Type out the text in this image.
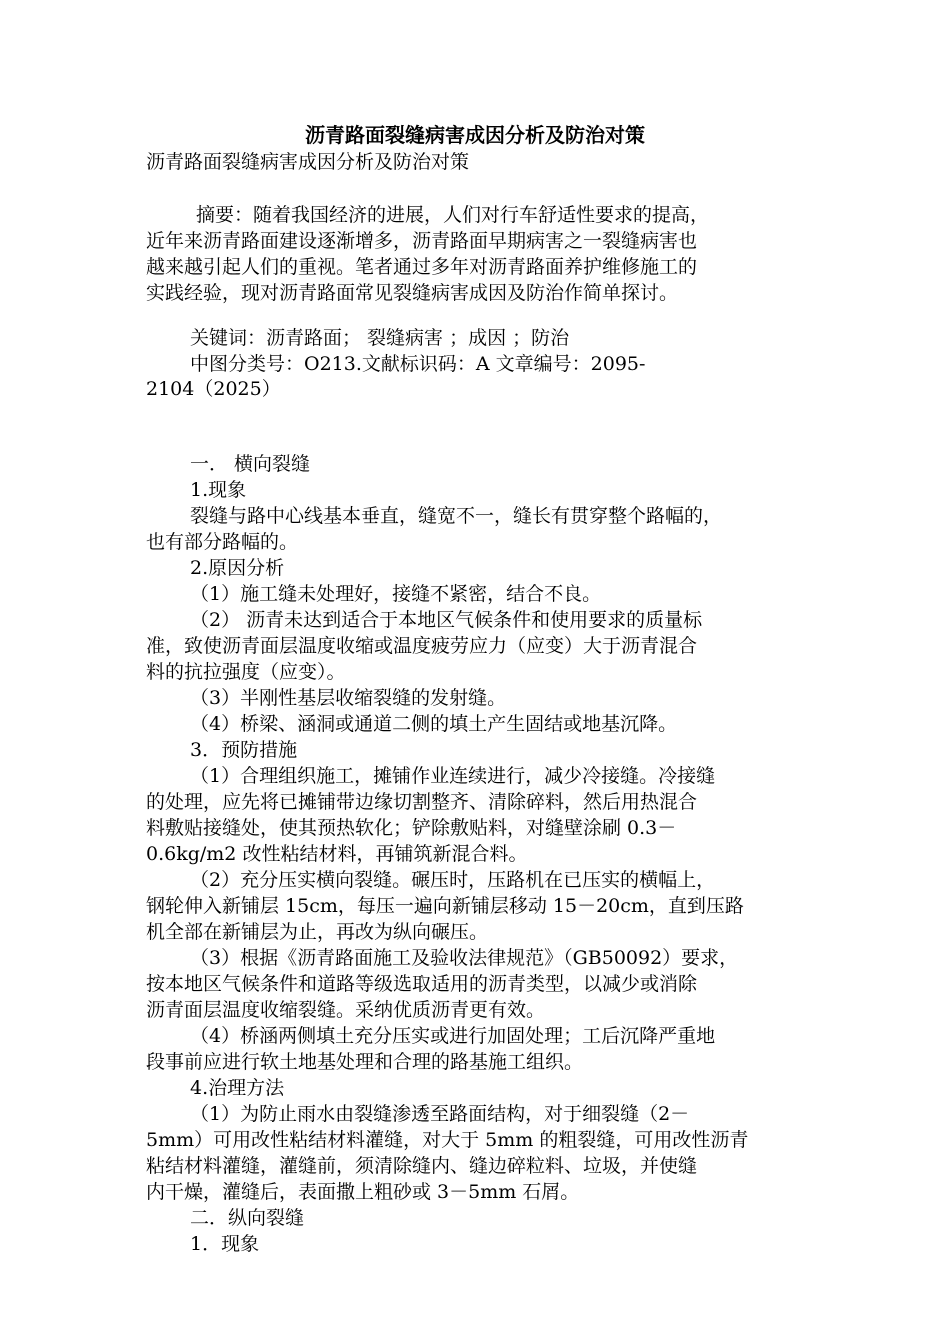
沥青路面裂缝病害成因分析及防治对策
沥青路面裂缝病害成因分析及防治对策
摘要：随着我国经济的进展，人们对行车舒适性要求的提高，
近年来沥青路面建设逐渐增多，沥青路面早期病害之一裂缝病害也
越来越引起人们的重视。笔者通过多年对沥青路面养护维修施工的
实践经验，现对沥青路面常见裂缝病害成因及防治作简单探讨。
关键词：沥青路面； 裂缝病害 ；成因 ；防治
中图分类号：O213.文献标识码：A 文章编号：2095-
2104（2025）
一． 横向裂缝
1.现象
裂缝与路中心线基本垂直，缝宽不一，缝长有贯穿整个路幅的，
也有部分路幅的。
2.原因分析
（1）施工缝未处理好，接缝不紧密，结合不良。
（2） 沥青未达到适合于本地区气候条件和使用要求的质量标
准，致使沥青面层温度收缩或温度疲劳应力（应变）大于沥青混合
料的抗拉强度（应变）。
（3）半刚性基层收缩裂缝的发射缝。
（4）桥梁、涵洞或通道二侧的填土产生固结或地基沉降。
3．预防措施
（1）合理组织施工，摊铺作业连续进行，减少冷接缝。冷接缝
的处理，应先将已摊铺带边缘切割整齐、清除碎料，然后用热混合
料敷贴接缝处，使其预热软化；铲除敷贴料，对缝壁涂刷 0.3－
0.6kg/m2 改性粘结材料，再铺筑新混合料。
（2）充分压实横向裂缝。碾压时，压路机在已压实的横幅上，
钢轮伸入新铺层 15cm，每压一遍向新铺层移动 15－20cm，直到压路
机全部在新铺层为止，再改为纵向碾压。
（3）根据《沥青路面施工及验收法律规范》（GB50092）要求，
按本地区气候条件和道路等级选取适用的沥青类型，以减少或消除
沥青面层温度收缩裂缝。采纳优质沥青更有效。
（4）桥涵两侧填土充分压实或进行加固处理；工后沉降严重地
段事前应进行软土地基处理和合理的路基施工组织。
4.治理方法
（1）为防止雨水由裂缝渗透至路面结构，对于细裂缝（2－
5mm）可用改性粘结材料灌缝，对大于 5mm 的粗裂缝，可用改性沥青
粘结材料灌缝，灌缝前，须清除缝内、缝边碎粒料、垃圾，并使缝
内干燥，灌缝后，表面撒上粗砂或 3－5mm 石屑。
二．纵向裂缝
1．现象
